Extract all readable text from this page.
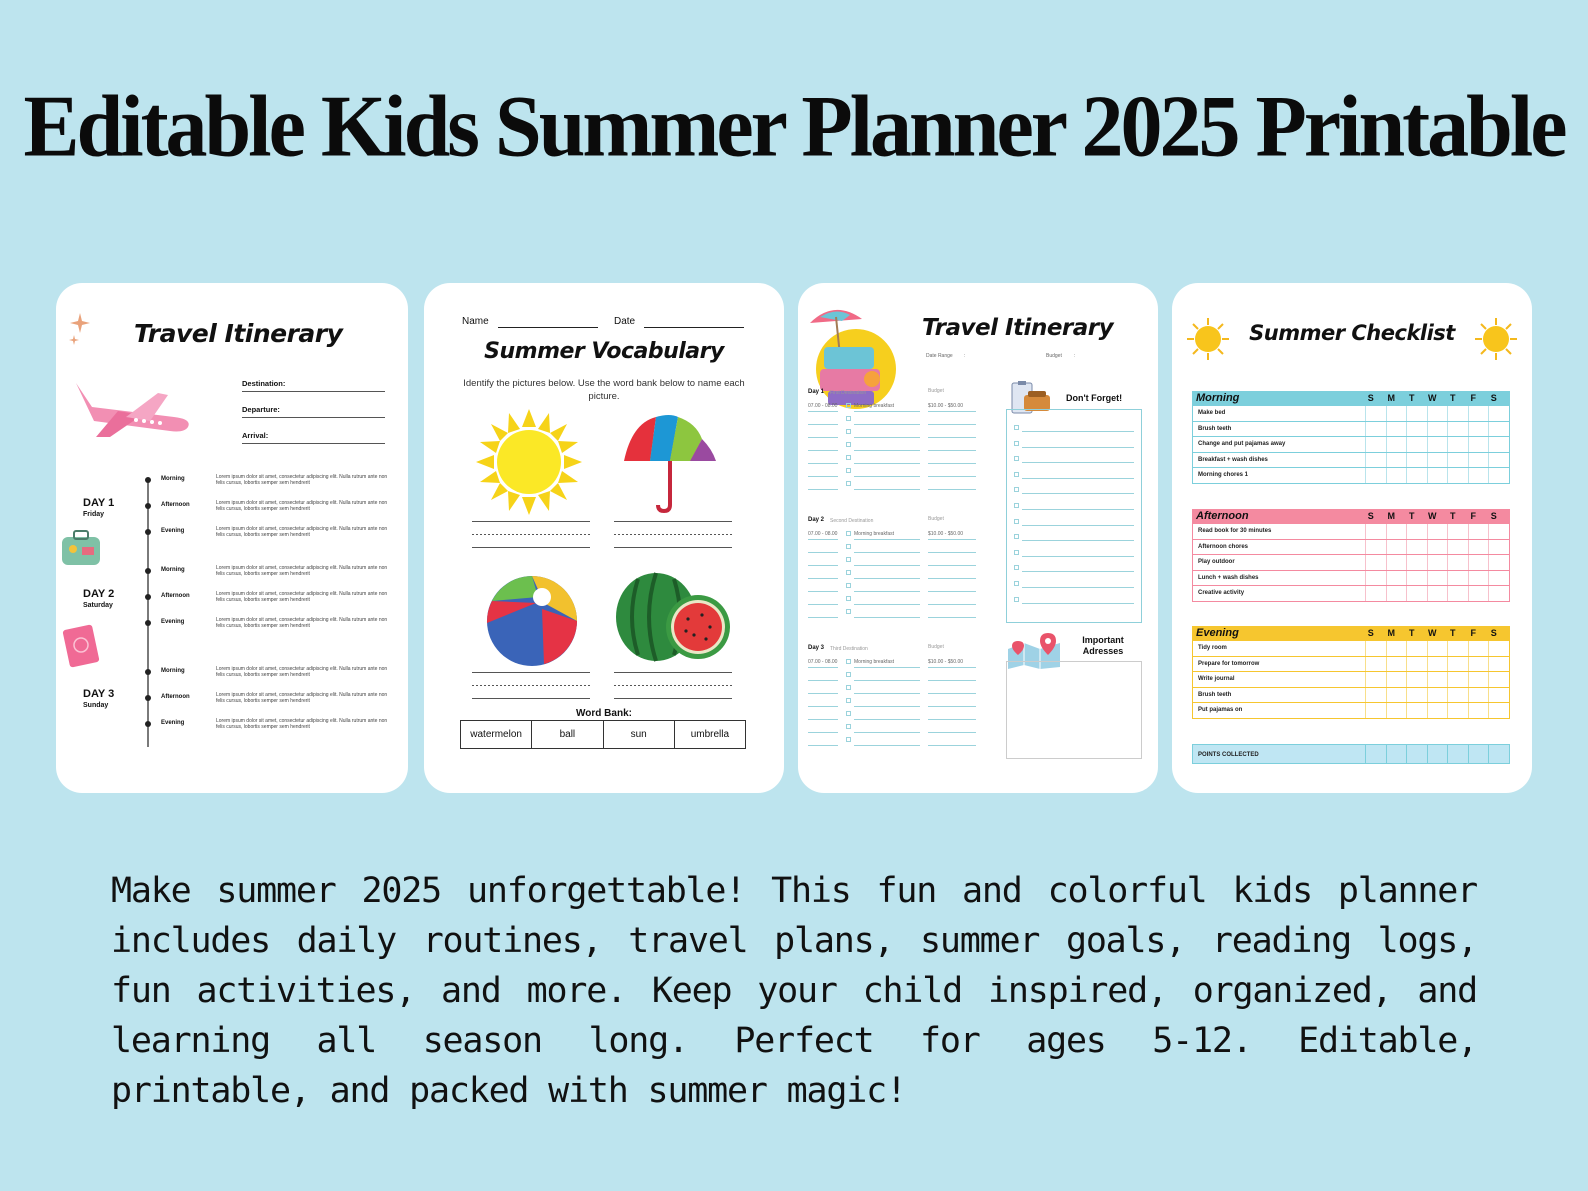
Editable Kids Summer Planner 2025 Printable
Travel Itinerary
Destination:
Departure:
Arrival:
DAY 1
Friday
DAY 2
Saturday
DAY 3
Sunday
Morning	Lorem ipsum dolor sit amet, consectetur adipiscing elit. Nulla rutrum ante non felis cursus, lobortis semper sem hendrerit
Afternoon	Lorem ipsum dolor sit amet, consectetur adipiscing elit. Nulla rutrum ante non felis cursus, lobortis semper sem hendrerit
Evening	Lorem ipsum dolor sit amet, consectetur adipiscing elit. Nulla rutrum ante non felis cursus, lobortis semper sem hendrerit
Morning	Lorem ipsum dolor sit amet, consectetur adipiscing elit. Nulla rutrum ante non felis cursus, lobortis semper sem hendrerit
Afternoon	Lorem ipsum dolor sit amet, consectetur adipiscing elit. Nulla rutrum ante non felis cursus, lobortis semper sem hendrerit
Evening	Lorem ipsum dolor sit amet, consectetur adipiscing elit. Nulla rutrum ante non felis cursus, lobortis semper sem hendrerit
Morning	Lorem ipsum dolor sit amet, consectetur adipiscing elit. Nulla rutrum ante non felis cursus, lobortis semper sem hendrerit
Afternoon	Lorem ipsum dolor sit amet, consectetur adipiscing elit. Nulla rutrum ante non felis cursus, lobortis semper sem hendrerit
Evening	Lorem ipsum dolor sit amet, consectetur adipiscing elit. Nulla rutrum ante non felis cursus, lobortis semper sem hendrerit
Name	Date
Summer Vocabulary
Identify the pictures below. Use the word bank below to name each picture.
Word Bank:
watermelon	ball	sun	umbrella
Travel Itinerary
Date Range :	Budget :
Day 1 First Destination	Budget
07.00 - 08.00	Morning breakfast	$10.00 - $50.00
Day 2 Second Destination	Budget
07.00 - 08.00	Morning breakfast	$10.00 - $50.00
Day 3 Third Destination	Budget
07.00 - 08.00	Morning breakfast	$10.00 - $50.00
Don't Forget!
Important Adresses
Summer Checklist
Morning	S M T W T F S
Make bed
Brush teeth
Change and put pajamas away
Breakfast + wash dishes
Morning chores 1
Afternoon	S M T W T F S
Read book for 30 minutes
Afternoon chores
Play outdoor
Lunch + wash dishes
Creative activity
Evening	S M T W T F S
Tidy room
Prepare for tomorrow
Write journal
Brush teeth
Put pajamas on
POINTS COLLECTED
Make summer 2025 unforgettable! This fun and colorful kids planner includes daily routines, travel plans, summer goals, reading logs, fun activities, and more. Keep your child inspired, organized, and learning all season long. Perfect for ages 5-12. Editable, printable, and packed with summer magic!
